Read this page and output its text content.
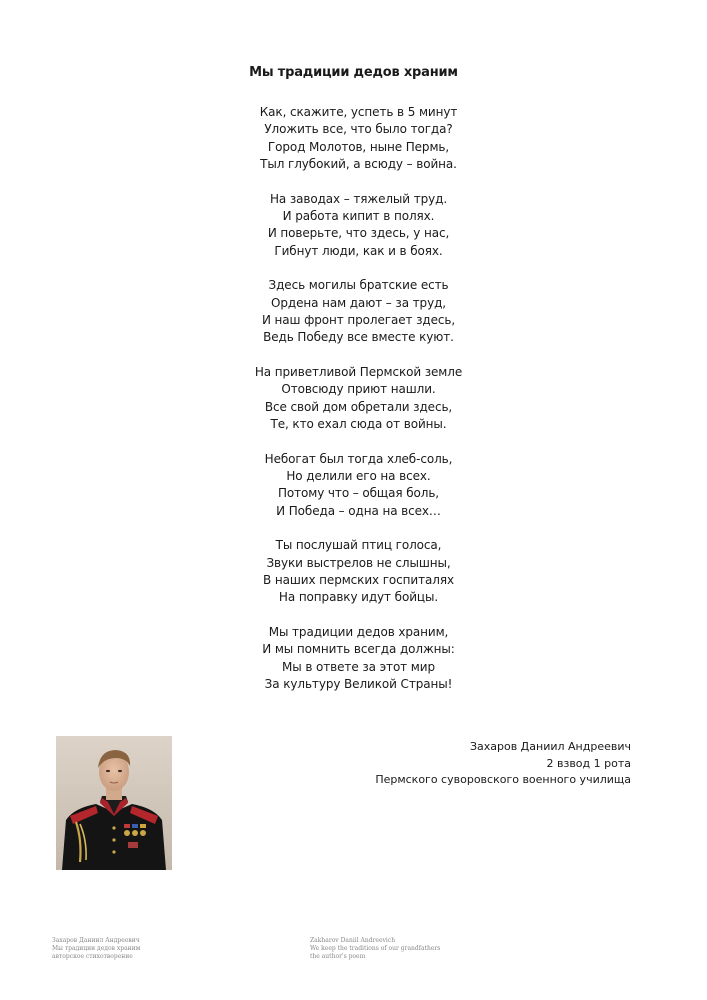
Мы традиции дедов храним
Как, скажите, успеть в 5 минут
Уложить все, что было тогда?
Город Молотов, ныне Пермь,
Тыл глубокий, а всюду – война.
На заводах – тяжелый труд.
И работа кипит в полях.
И поверьте, что здесь, у нас,
Гибнут люди, как и в боях.
Здесь могилы братские есть
Ордена нам дают – за труд,
И наш фронт пролегает здесь,
Ведь Победу все вместе куют.
На приветливой Пермской земле
Отовсюду приют нашли.
Все свой дом обретали здесь,
Те, кто ехал сюда от войны.
Небогат был тогда хлеб-соль,
Но делили его на всех.
Потому что – общая боль,
И Победа – одна на всех…
Ты послушай птиц голоса,
Звуки выстрелов не слышны,
В наших пермских госпиталях
На поправку идут бойцы.
Мы традиции дедов храним,
И мы помнить всегда должны:
Мы в ответе за этот мир
За культуру Великой Страны!
Захаров Даниил Андреевич
2 взвод 1 рота
Пермского суворовского военного училища
Захаров Даниил Андреевич
Мы традиции дедов храним
авторское стихотворение
Zakharov Daniil Andreevich
We keep the traditions of our grandfathers
the author's poem
